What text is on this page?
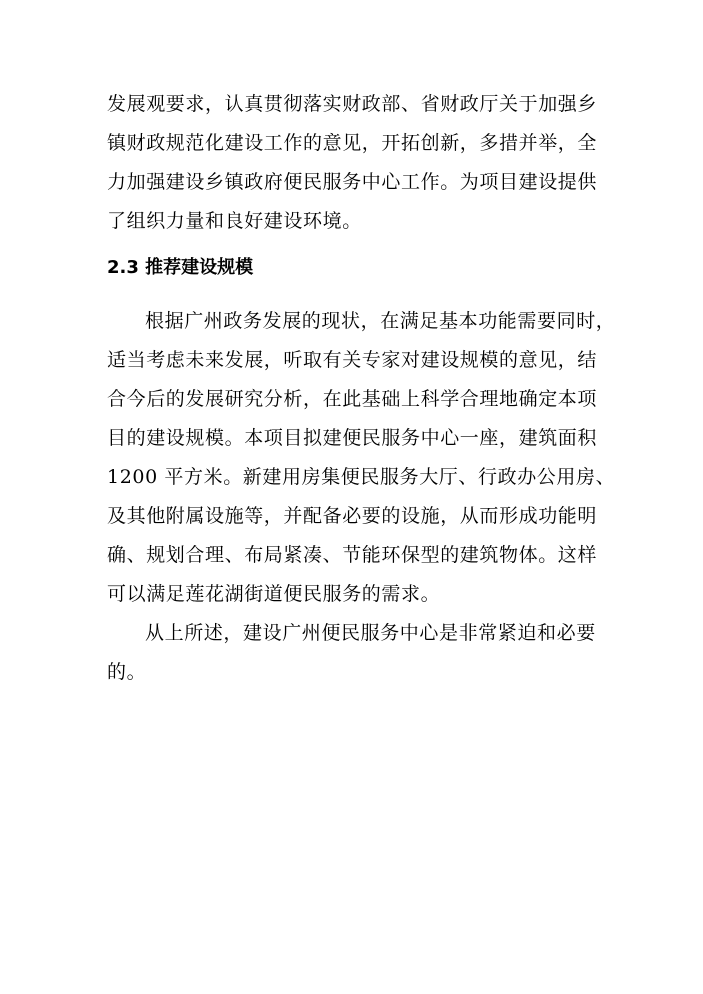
发展观要求，认真贯彻落实财政部、省财政厅关于加强乡
镇财政规范化建设工作的意见，开拓创新，多措并举，全
力加强建设乡镇政府便民服务中心工作。为项目建设提供
了组织力量和良好建设环境。
2.3 推荐建设规模
根据广州政务发展的现状，在满足基本功能需要同时，
适当考虑未来发展，听取有关专家对建设规模的意见，结
合今后的发展研究分析，在此基础上科学合理地确定本项
目的建设规模。本项目拟建便民服务中心一座，建筑面积
1200 平方米。新建用房集便民服务大厅、行政办公用房、
及其他附属设施等，并配备必要的设施，从而形成功能明
确、规划合理、布局紧凑、节能环保型的建筑物体。这样
可以满足莲花湖街道便民服务的需求。
从上所述，建设广州便民服务中心是非常紧迫和必要
的。
